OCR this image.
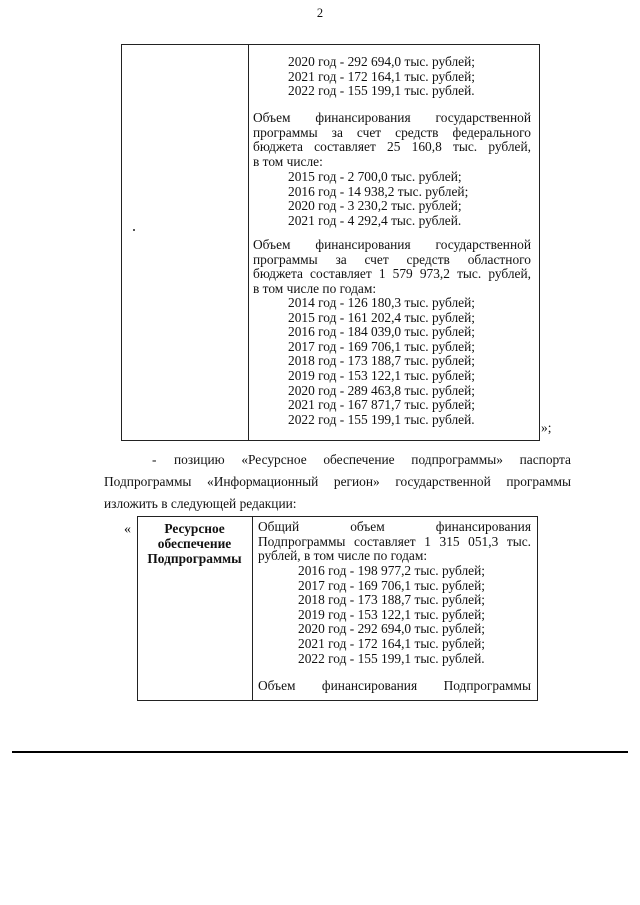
2
2020 год - 292 694,0 тыс. рублей;
2021 год - 172 164,1 тыс. рублей;
2022 год - 155 199,1 тыс. рублей.
Объем финансирования государственной
программы за счет средств федерального
бюджета составляет 25 160,8 тыс. рублей,
в том числе:
2015 год - 2 700,0 тыс. рублей;
2016 год - 14 938,2 тыс. рублей;
2020 год - 3 230,2 тыс. рублей;
2021 год - 4 292,4 тыс. рублей.
Объем финансирования государственной
программы за счет средств областного
бюджета составляет 1 579 973,2 тыс. рублей,
в том числе по годам:
2014 год - 126 180,3 тыс. рублей;
2015 год - 161 202,4 тыс. рублей;
2016 год - 184 039,0 тыс. рублей;
2017 год - 169 706,1 тыс. рублей;
2018 год - 173 188,7 тыс. рублей;
2019 год - 153 122,1 тыс. рублей;
2020 год - 289 463,8 тыс. рублей;
2021 год - 167 871,7 тыс. рублей;
2022 год - 155 199,1 тыс. рублей.
»;
- позицию «Ресурсное обеспечение подпрограммы» паспорта
Подпрограммы «Информационный регион» государственной программы
изложить в следующей редакции:
«	Ресурсное
обеспечение
Подпрограммы
Общий объем финансирования
Подпрограммы составляет 1 315 051,3 тыс.
рублей, в том числе по годам:
2016 год - 198 977,2 тыс. рублей;
2017 год - 169 706,1 тыс. рублей;
2018 год - 173 188,7 тыс. рублей;
2019 год - 153 122,1 тыс. рублей;
2020 год - 292 694,0 тыс. рублей;
2021 год - 172 164,1 тыс. рублей;
2022 год - 155 199,1 тыс. рублей.
Объем финансирования Подпрограммы
